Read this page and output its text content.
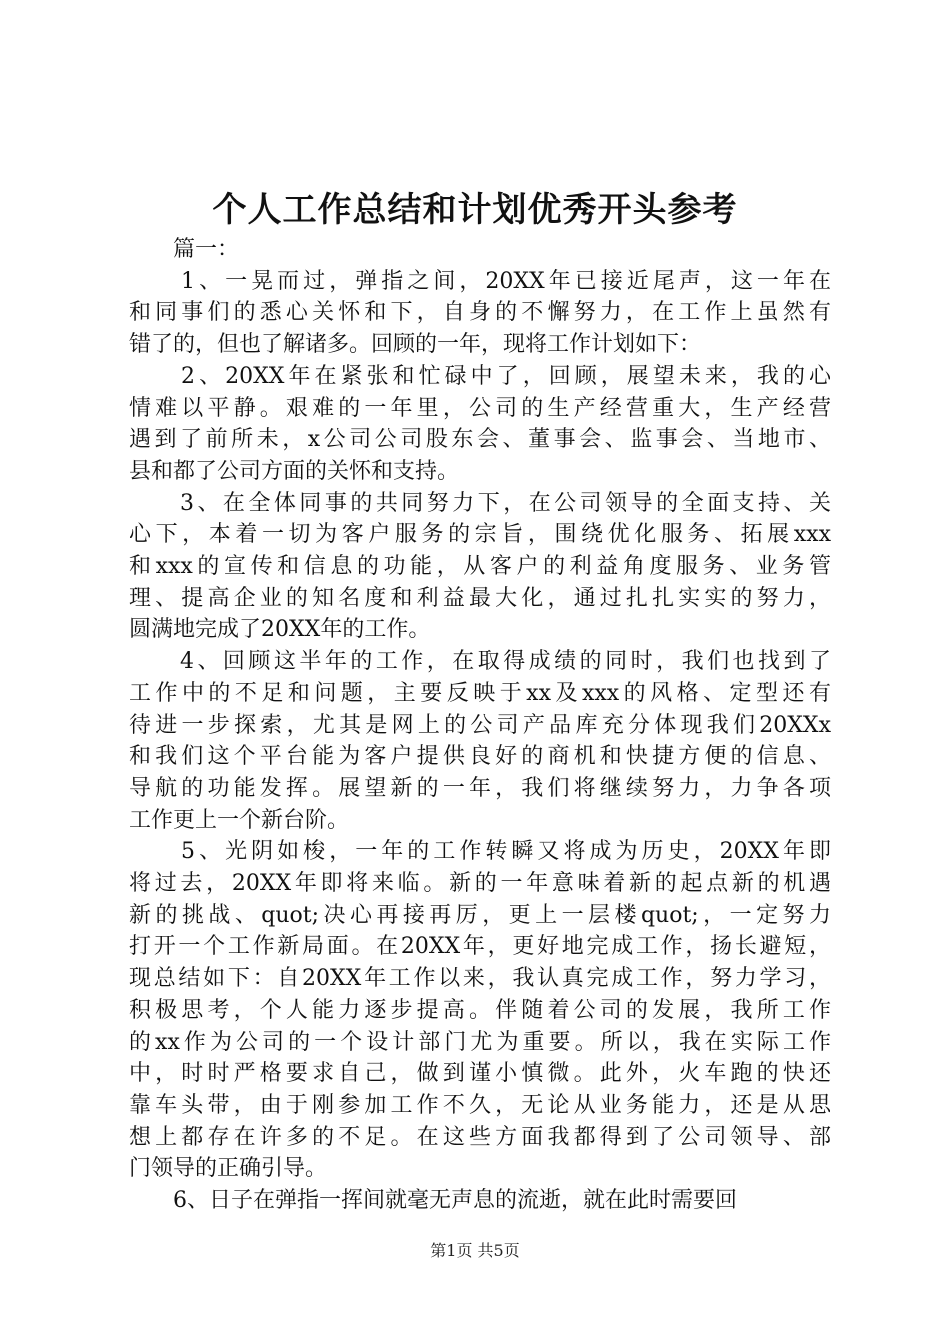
个人工作总结和计划优秀开头参考
　　篇一：
　　1、一晃而过，弹指之间，20XX年已接近尾声，这一年在
和同事们的悉心关怀和下，自身的不懈努力，在工作上虽然有
错了的，但也了解诸多。回顾的一年，现将工作计划如下：
　　2、20XX年在紧张和忙碌中了，回顾，展望未来，我的心
情难以平静。艰难的一年里，公司的生产经营重大，生产经营
遇到了前所未，x公司公司股东会、董事会、监事会、当地市、
县和都了公司方面的关怀和支持。
　　3、在全体同事的共同努力下，在公司领导的全面支持、关
心下，本着一切为客户服务的宗旨，围绕优化服务、拓展xxx
和xxx的宣传和信息的功能，从客户的利益角度服务、业务管
理、提高企业的知名度和利益最大化，通过扎扎实实的努力，
圆满地完成了20XX年的工作。
　　4、回顾这半年的工作，在取得成绩的同时，我们也找到了
工作中的不足和问题，主要反映于xx及xxx的风格、定型还有
待进一步探索，尤其是网上的公司产品库充分体现我们20XXx
和我们这个平台能为客户提供良好的商机和快捷方便的信息、
导航的功能发挥。展望新的一年，我们将继续努力，力争各项
工作更上一个新台阶。
　　5、光阴如梭，一年的工作转瞬又将成为历史，20XX年即
将过去，20XX年即将来临。新的一年意味着新的起点新的机遇
新的挑战、quot;决心再接再厉，更上一层楼quot;，一定努力
打开一个工作新局面。在20XX年，更好地完成工作，扬长避短，
现总结如下：自20XX年工作以来，我认真完成工作，努力学习，
积极思考，个人能力逐步提高。伴随着公司的发展，我所工作
的xx作为公司的一个设计部门尤为重要。所以，我在实际工作
中，时时严格要求自己，做到谨小慎微。此外，火车跑的快还
靠车头带，由于刚参加工作不久，无论从业务能力，还是从思
想上都存在许多的不足。在这些方面我都得到了公司领导、部
门领导的正确引导。
　　6、日子在弹指一挥间就毫无声息的流逝，就在此时需要回
第1页 共5页
